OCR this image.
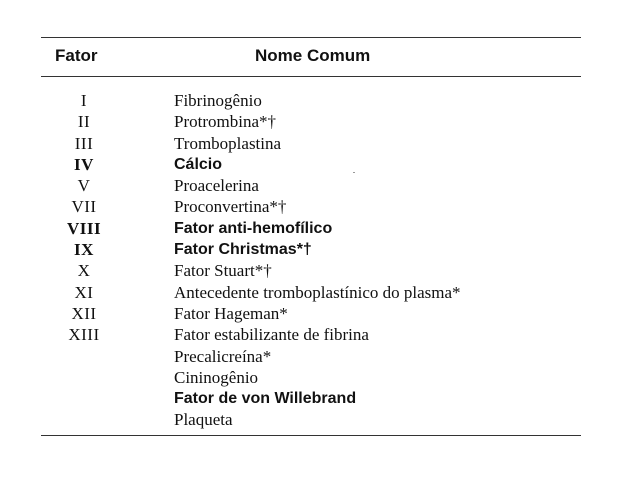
Fator	Nome Comum
I	Fibrinogênio
II	Protrombina*†
III	Tromboplastina
IV	Cálcio
V	Proacelerina
VII	Proconvertina*†
VIII	Fator anti-hemofílico
IX	Fator Christmas*†
X	Fator Stuart*†
XI	Antecedente tromboplastínico do plasma*
XII	Fator Hageman*
XIII	Fator estabilizante de fibrina
Precalicreína*
Cininogênio
Fator de von Willebrand
Plaqueta
